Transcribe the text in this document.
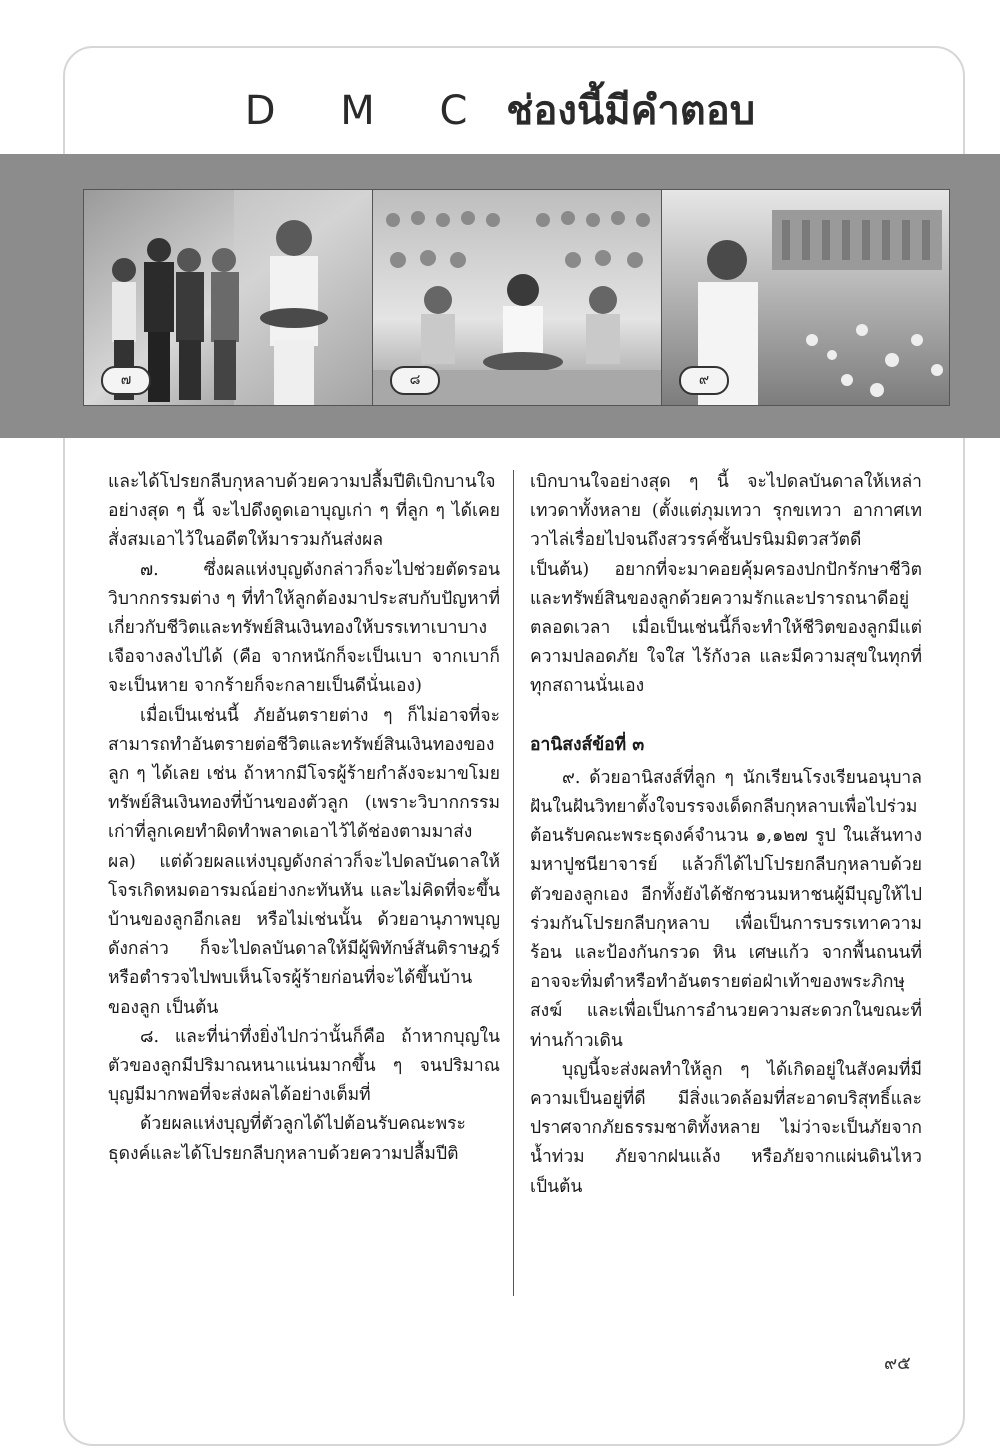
D M C ช่องนี้มีคำตอบ
๗	๘	๙

และได้โปรยกลีบกุหลาบด้วยความปลื้มปีติเบิกบานใจอย่างสุด ๆ นี้ จะไปดึงดูดเอาบุญเก่า ๆ ที่ลูก ๆ ได้เคยสั่งสมเอาไว้ในอดีตให้มารวมกันส่งผล

๗. ซึ่งผลแห่งบุญดังกล่าวก็จะไปช่วยตัดรอนวิบากกรรมต่าง ๆ ที่ทำให้ลูกต้องมาประสบกับปัญหาที่เกี่ยวกับชีวิตและทรัพย์สินเงินทองให้บรรเทาเบาบางเจือจางลงไปได้ (คือ จากหนักก็จะเป็นเบา จากเบาก็จะเป็นหาย จากร้ายก็จะกลายเป็นดีนั่นเอง)

เมื่อเป็นเช่นนี้ ภัยอันตรายต่าง ๆ ก็ไม่อาจที่จะสามารถทำอันตรายต่อชีวิตและทรัพย์สินเงินทองของลูก ๆ ได้เลย เช่น ถ้าหากมีโจรผู้ร้ายกำลังจะมาขโมยทรัพย์สินเงินทองที่บ้านของตัวลูก (เพราะวิบากกรรมเก่าที่ลูกเคยทำผิดทำพลาดเอาไว้ได้ช่องตามมาส่งผล) แต่ด้วยผลแห่งบุญดังกล่าวก็จะไปดลบันดาลให้โจรเกิดหมดอารมณ์อย่างกะทันหัน และไม่คิดที่จะขึ้นบ้านของลูกอีกเลย หรือไม่เช่นนั้น ด้วยอานุภาพบุญดังกล่าว ก็จะไปดลบันดาลให้มีผู้พิทักษ์สันติราษฎร์หรือตำรวจไปพบเห็นโจรผู้ร้ายก่อนที่จะได้ขึ้นบ้านของลูก เป็นต้น

๘. และที่น่าทึ่งยิ่งไปกว่านั้นก็คือ ถ้าหากบุญในตัวของลูกมีปริมาณหนาแน่นมากขึ้น ๆ จนปริมาณบุญมีมากพอที่จะส่งผลได้อย่างเต็มที่

ด้วยผลแห่งบุญที่ตัวลูกได้ไปต้อนรับคณะพระธุดงค์และได้โปรยกลีบกุหลาบด้วยความปลื้มปีติ

เบิกบานใจอย่างสุด ๆ นี้ จะไปดลบันดาลให้เหล่าเทวดาทั้งหลาย (ตั้งแต่ภุมเทวา รุกขเทวา อากาศเทวาไล่เรื่อยไปจนถึงสวรรค์ชั้นปรนิมมิตวสวัตดี เป็นต้น) อยากที่จะมาคอยคุ้มครองปกปักรักษาชีวิตและทรัพย์สินของลูกด้วยความรักและปรารถนาดีอยู่ตลอดเวลา เมื่อเป็นเช่นนี้ก็จะทำให้ชีวิตของลูกมีแต่ความปลอดภัย ใจใส ไร้กังวล และมีความสุขในทุกที่ทุกสถานนั่นเอง

อานิสงส์ข้อที่ ๓

๙. ด้วยอานิสงส์ที่ลูก ๆ นักเรียนโรงเรียนอนุบาลฝันในฝันวิทยาตั้งใจบรรจงเด็ดกลีบกุหลาบเพื่อไปร่วมต้อนรับคณะพระธุดงค์จำนวน ๑,๑๒๗ รูป ในเส้นทางมหาปูชนียาจารย์ แล้วก็ได้ไปโปรยกลีบกุหลาบด้วยตัวของลูกเอง อีกทั้งยังได้ชักชวนมหาชนผู้มีบุญให้ไปร่วมกันโปรยกลีบกุหลาบ เพื่อเป็นการบรรเทาความร้อน และป้องกันกรวด หิน เศษแก้ว จากพื้นถนนที่อาจจะทิ่มตำหรือทำอันตรายต่อฝ่าเท้าของพระภิกษุสงฆ์ และเพื่อเป็นการอำนวยความสะดวกในขณะที่ท่านก้าวเดิน

บุญนี้จะส่งผลทำให้ลูก ๆ ได้เกิดอยู่ในสังคมที่มีความเป็นอยู่ที่ดี มีสิ่งแวดล้อมที่สะอาดบริสุทธิ์และปราศจากภัยธรรมชาติทั้งหลาย ไม่ว่าจะเป็นภัยจากน้ำท่วม ภัยจากฝนแล้ง หรือภัยจากแผ่นดินไหว เป็นต้น

๙๕
